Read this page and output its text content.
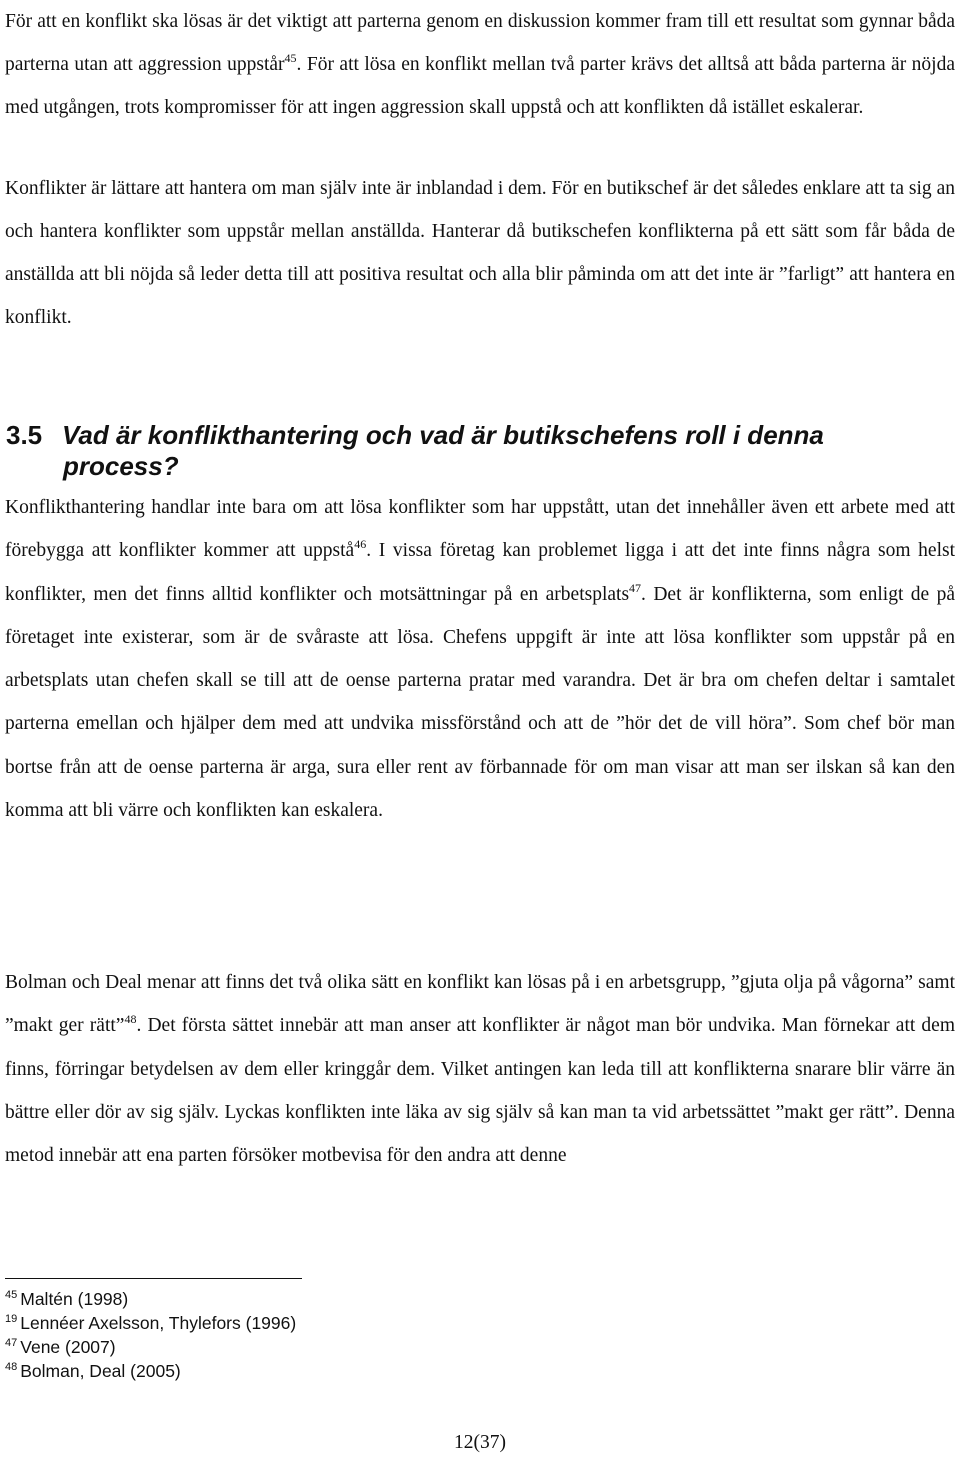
För att en konflikt ska lösas är det viktigt att parterna genom en diskussion kommer fram till ett resultat som gynnar båda parterna utan att aggression uppstår$^{45}$. För att lösa en konflikt mellan två parter krävs det alltså att båda parterna är nöjda med utgången, trots kompromisser för att ingen aggression skall uppstå och att konflikten då istället eskalerar.

Konflikter är lättare att hantera om man själv inte är inblandad i dem. För en butikschef är det således enklare att ta sig an och hantera konflikter som uppstår mellan anställda. Hanterar då butikschefen konflikterna på ett sätt som får båda de anställda att bli nöjda så leder detta till att positiva resultat och alla blir påminda om att det inte är ”farligt” att hantera en konflikt.

3.5 Vad är konflikthantering och vad är butikschefens roll i denna
process?

Konflikthantering handlar inte bara om att lösa konflikter som har uppstått, utan det innehåller även ett arbete med att förebygga att konflikter kommer att uppstå$^{46}$. I vissa företag kan problemet ligga i att det inte finns några som helst konflikter, men det finns alltid konflikter och motsättningar på en arbetsplats$^{47}$. Det är konflikterna, som enligt de på företaget inte existerar, som är de svåraste att lösa. Chefens uppgift är inte att lösa konflikter som uppstår på en arbetsplats utan chefen skall se till att de oense parterna pratar med varandra. Det är bra om chefen deltar i samtalet parterna emellan och hjälper dem med att undvika missförstånd och att de ”hör det de vill höra”. Som chef bör man bortse från att de oense parterna är arga, sura eller rent av förbannade för om man visar att man ser ilskan så kan den komma att bli värre och konflikten kan eskalera.

Bolman och Deal menar att finns det två olika sätt en konflikt kan lösas på i en arbetsgrupp, ”gjuta olja på vågorna” samt ”makt ger rätt”$^{48}$. Det första sättet innebär att man anser att konflikter är något man bör undvika. Man förnekar att dem finns, förringar betydelsen av dem eller kringgår dem. Vilket antingen kan leda till att konflikterna snarare blir värre än bättre eller dör av sig själv. Lyckas konflikten inte läka av sig själv så kan man ta vid arbetssättet ”makt ger rätt”. Denna metod innebär att ena parten försöker motbevisa för den andra att denne

$^{45}$ Maltén (1998)
$^{19}$ Lennéer Axelsson, Thylefors (1996)
$^{47}$ Vene (2007)
$^{48}$ Bolman, Deal (2005)
12(37)
